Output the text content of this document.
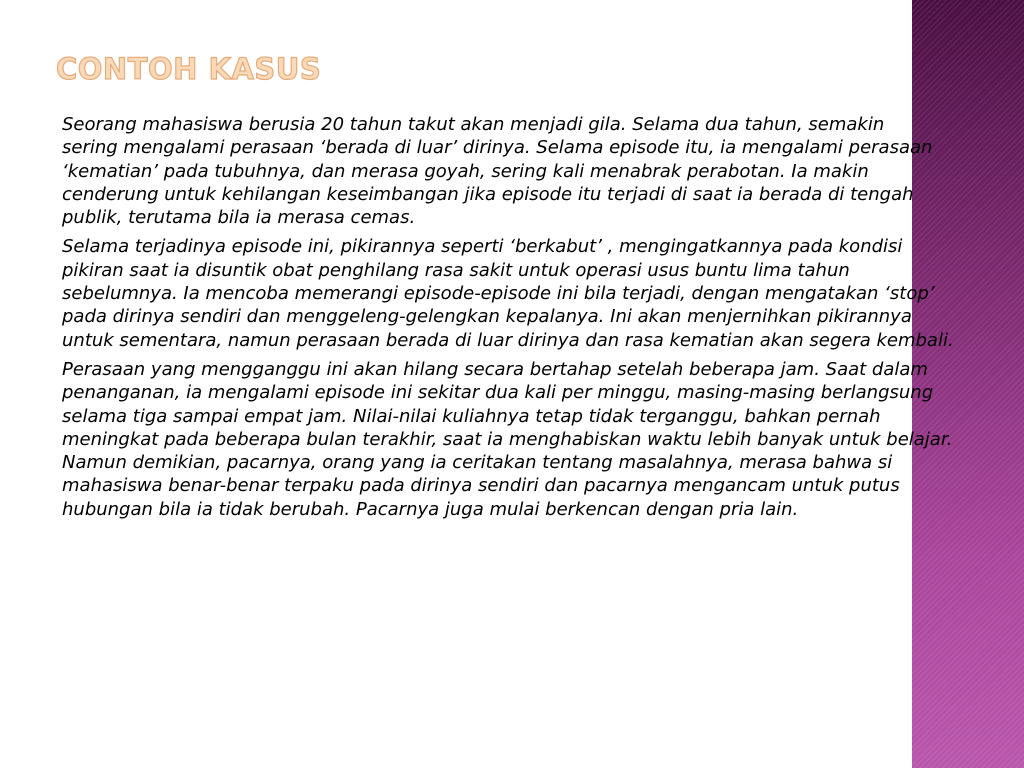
CONTOH KASUS

Seorang mahasiswa berusia 20 tahun takut akan menjadi gila. Selama dua tahun, semakin sering mengalami perasaan ‘berada di luar’ dirinya. Selama episode itu, ia mengalami perasaan ‘kematian’ pada tubuhnya, dan merasa goyah, sering kali menabrak perabotan. Ia makin cenderung untuk kehilangan keseimbangan jika episode itu terjadi di saat ia berada di tengah publik, terutama bila ia merasa cemas.

Selama terjadinya episode ini, pikirannya seperti ‘berkabut’ , mengingatkannya pada kondisi pikiran saat ia disuntik obat penghilang rasa sakit untuk operasi usus buntu lima tahun sebelumnya. Ia mencoba memerangi episode-episode ini bila terjadi, dengan mengatakan ‘stop’ pada dirinya sendiri dan menggeleng-gelengkan kepalanya. Ini akan menjernihkan pikirannya untuk sementara, namun perasaan berada di luar dirinya dan rasa kematian akan segera kembali.

Perasaan yang mengganggu ini akan hilang secara bertahap setelah beberapa jam. Saat dalam penanganan, ia mengalami episode ini sekitar dua kali per minggu, masing-masing berlangsung selama tiga sampai empat jam. Nilai-nilai kuliahnya tetap tidak terganggu, bahkan pernah meningkat pada beberapa bulan terakhir, saat ia menghabiskan waktu lebih banyak untuk belajar. Namun demikian, pacarnya, orang yang ia ceritakan tentang masalahnya, merasa bahwa si mahasiswa benar-benar terpaku pada dirinya sendiri dan pacarnya mengancam untuk putus hubungan bila ia tidak berubah. Pacarnya juga mulai berkencan dengan pria lain.
